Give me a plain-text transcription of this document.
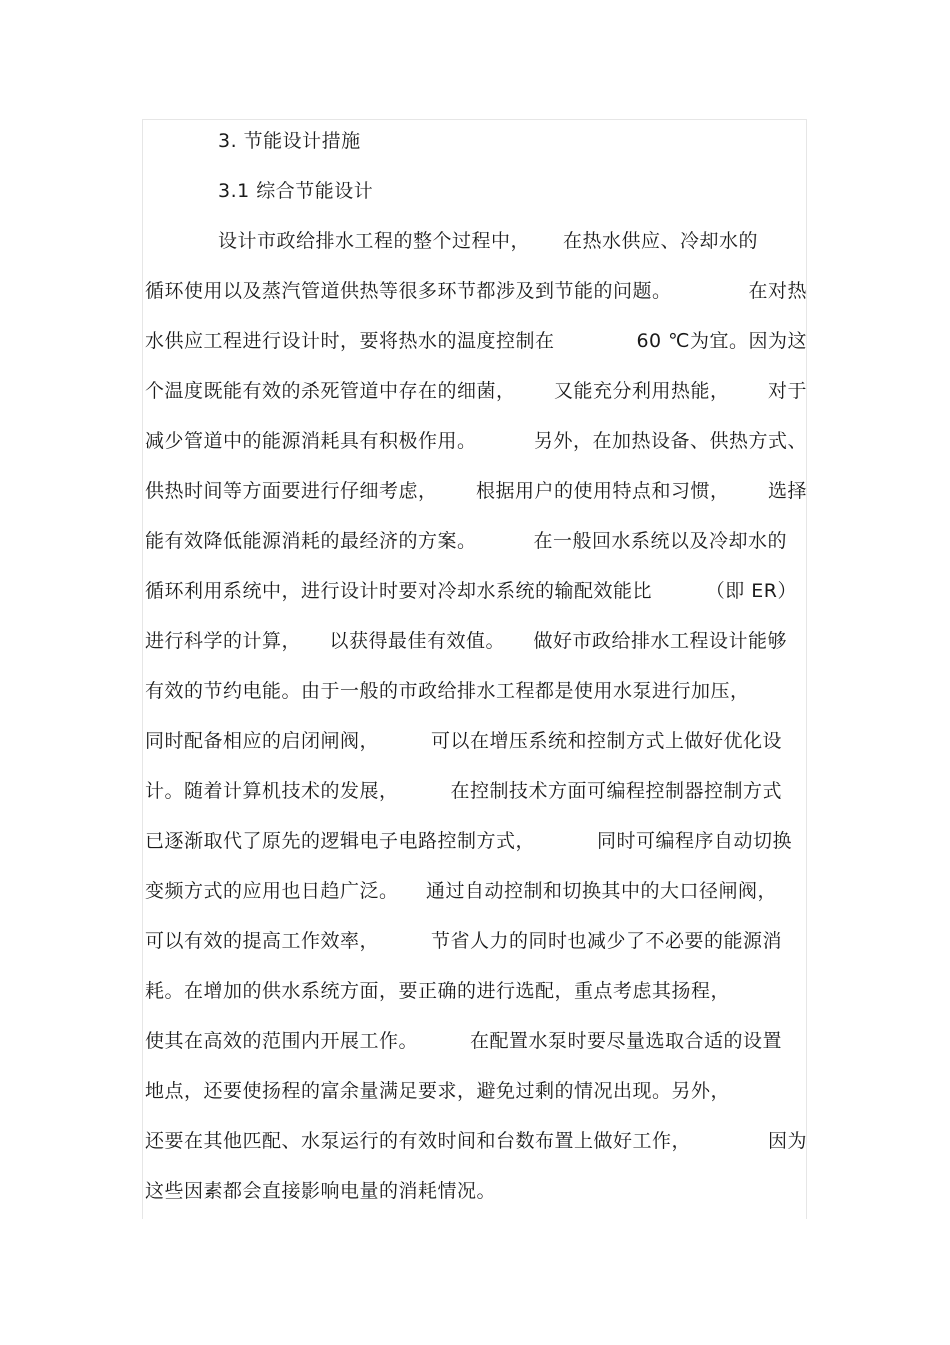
3. 节能设计措施
3.1 综合节能设计
设计市政给排水工程的整个过程中， 在热水供应、冷却水的
循环使用以及蒸汽管道供热等很多环节都涉及到节能的问题。	在对热
水供应工程进行设计时，要将热水的温度控制在	60 ℃为宜。因为这
个温度既能有效的杀死管道中存在的细菌， 又能充分利用热能， 对于
减少管道中的能源消耗具有积极作用。	另外，在加热设备、供热方式、
供热时间等方面要进行仔细考虑， 根据用户的使用特点和习惯， 选择
能有效降低能源消耗的最经济的方案。	在一般回水系统以及冷却水的
循环利用系统中，进行设计时要对冷却水系统的输配效能比	（即 ER）
进行科学的计算， 以获得最佳有效值。 做好市政给排水工程设计能够
有效的节约电能。由于一般的市政给排水工程都是使用水泵进行加压，
同时配备相应的启闭闸阀，	可以在增压系统和控制方式上做好优化设
计。随着计算机技术的发展，	在控制技术方面可编程控制器控制方式
已逐渐取代了原先的逻辑电子电路控制方式，	同时可编程序自动切换
变频方式的应用也日趋广泛。 通过自动控制和切换其中的大口径闸阀，
可以有效的提高工作效率，	节省人力的同时也减少了不必要的能源消
耗。在增加的供水系统方面，要正确的进行选配，重点考虑其扬程，
使其在高效的范围内开展工作。	在配置水泵时要尽量选取合适的设置
地点，还要使扬程的富余量满足要求，避免过剩的情况出现。另外，
还要在其他匹配、水泵运行的有效时间和台数布置上做好工作，	因为
这些因素都会直接影响电量的消耗情况。
